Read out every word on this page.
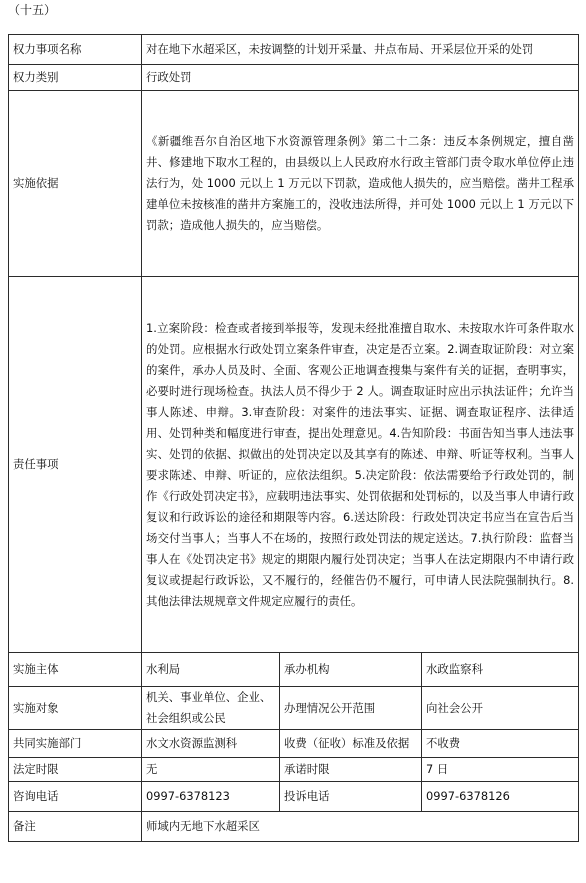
（十五）
权力事项名称	对在地下水超采区，未按调整的计划开采量、井点布局、开采层位开采的处罚		
权力类别	行政处罚		
实施依据	《新疆维吾尔自治区地下水资源管理条例》第二十二条：违反本条例规定，擅自凿井、修建地下取水工程的，由县级以上人民政府水行政主管部门责令取水单位停止违法行为，处 1000 元以上 1 万元以下罚款，造成他人损失的，应当赔偿。凿井工程承建单位未按核准的凿井方案施工的，没收违法所得，并可处 1000 元以上 1 万元以下罚款；造成他人损失的，应当赔偿。		
责任事项	1.立案阶段：检查或者接到举报等，发现未经批准擅自取水、未按取水许可条件取水的处罚。应根据水行政处罚立案条件审查，决定是否立案。2.调查取证阶段：对立案的案件，承办人员及时、全面、客观公正地调查搜集与案件有关的证据，查明事实，必要时进行现场检查。执法人员不得少于 2 人。调查取证时应出示执法证件；允许当事人陈述、申辩。3.审查阶段：对案件的违法事实、证据、调查取证程序、法律适用、处罚种类和幅度进行审查，提出处理意见。4.告知阶段：书面告知当事人违法事实、处罚的依据、拟做出的处罚决定以及其享有的陈述、申辩、听证等权利。当事人要求陈述、申辩、听证的，应依法组织。5.决定阶段：依法需要给予行政处罚的，制作《行政处罚决定书》，应载明违法事实、处罚依据和处罚标的，以及当事人申请行政复议和行政诉讼的途径和期限等内容。6.送达阶段：行政处罚决定书应当在宣告后当场交付当事人；当事人不在场的，按照行政处罚法的规定送达。7.执行阶段：监督当事人在《处罚决定书》规定的期限内履行处罚决定；当事人在法定期限内不申请行政复议或提起行政诉讼，又不履行的，经催告仍不履行，可申请人民法院强制执行。8.其他法律法规规章文件规定应履行的责任。		
实施主体	水利局	承办机构	水政监察科
实施对象	机关、事业单位、企业、社会组织或公民	办理情况公开范围	向社会公开
共同实施部门	水文水资源监测科	收费（征收）标准及依据	不收费
法定时限	无	承诺时限	7 日
咨询电话	0997-6378123	投诉电话	0997-6378126
备注	师域内无地下水超采区		
